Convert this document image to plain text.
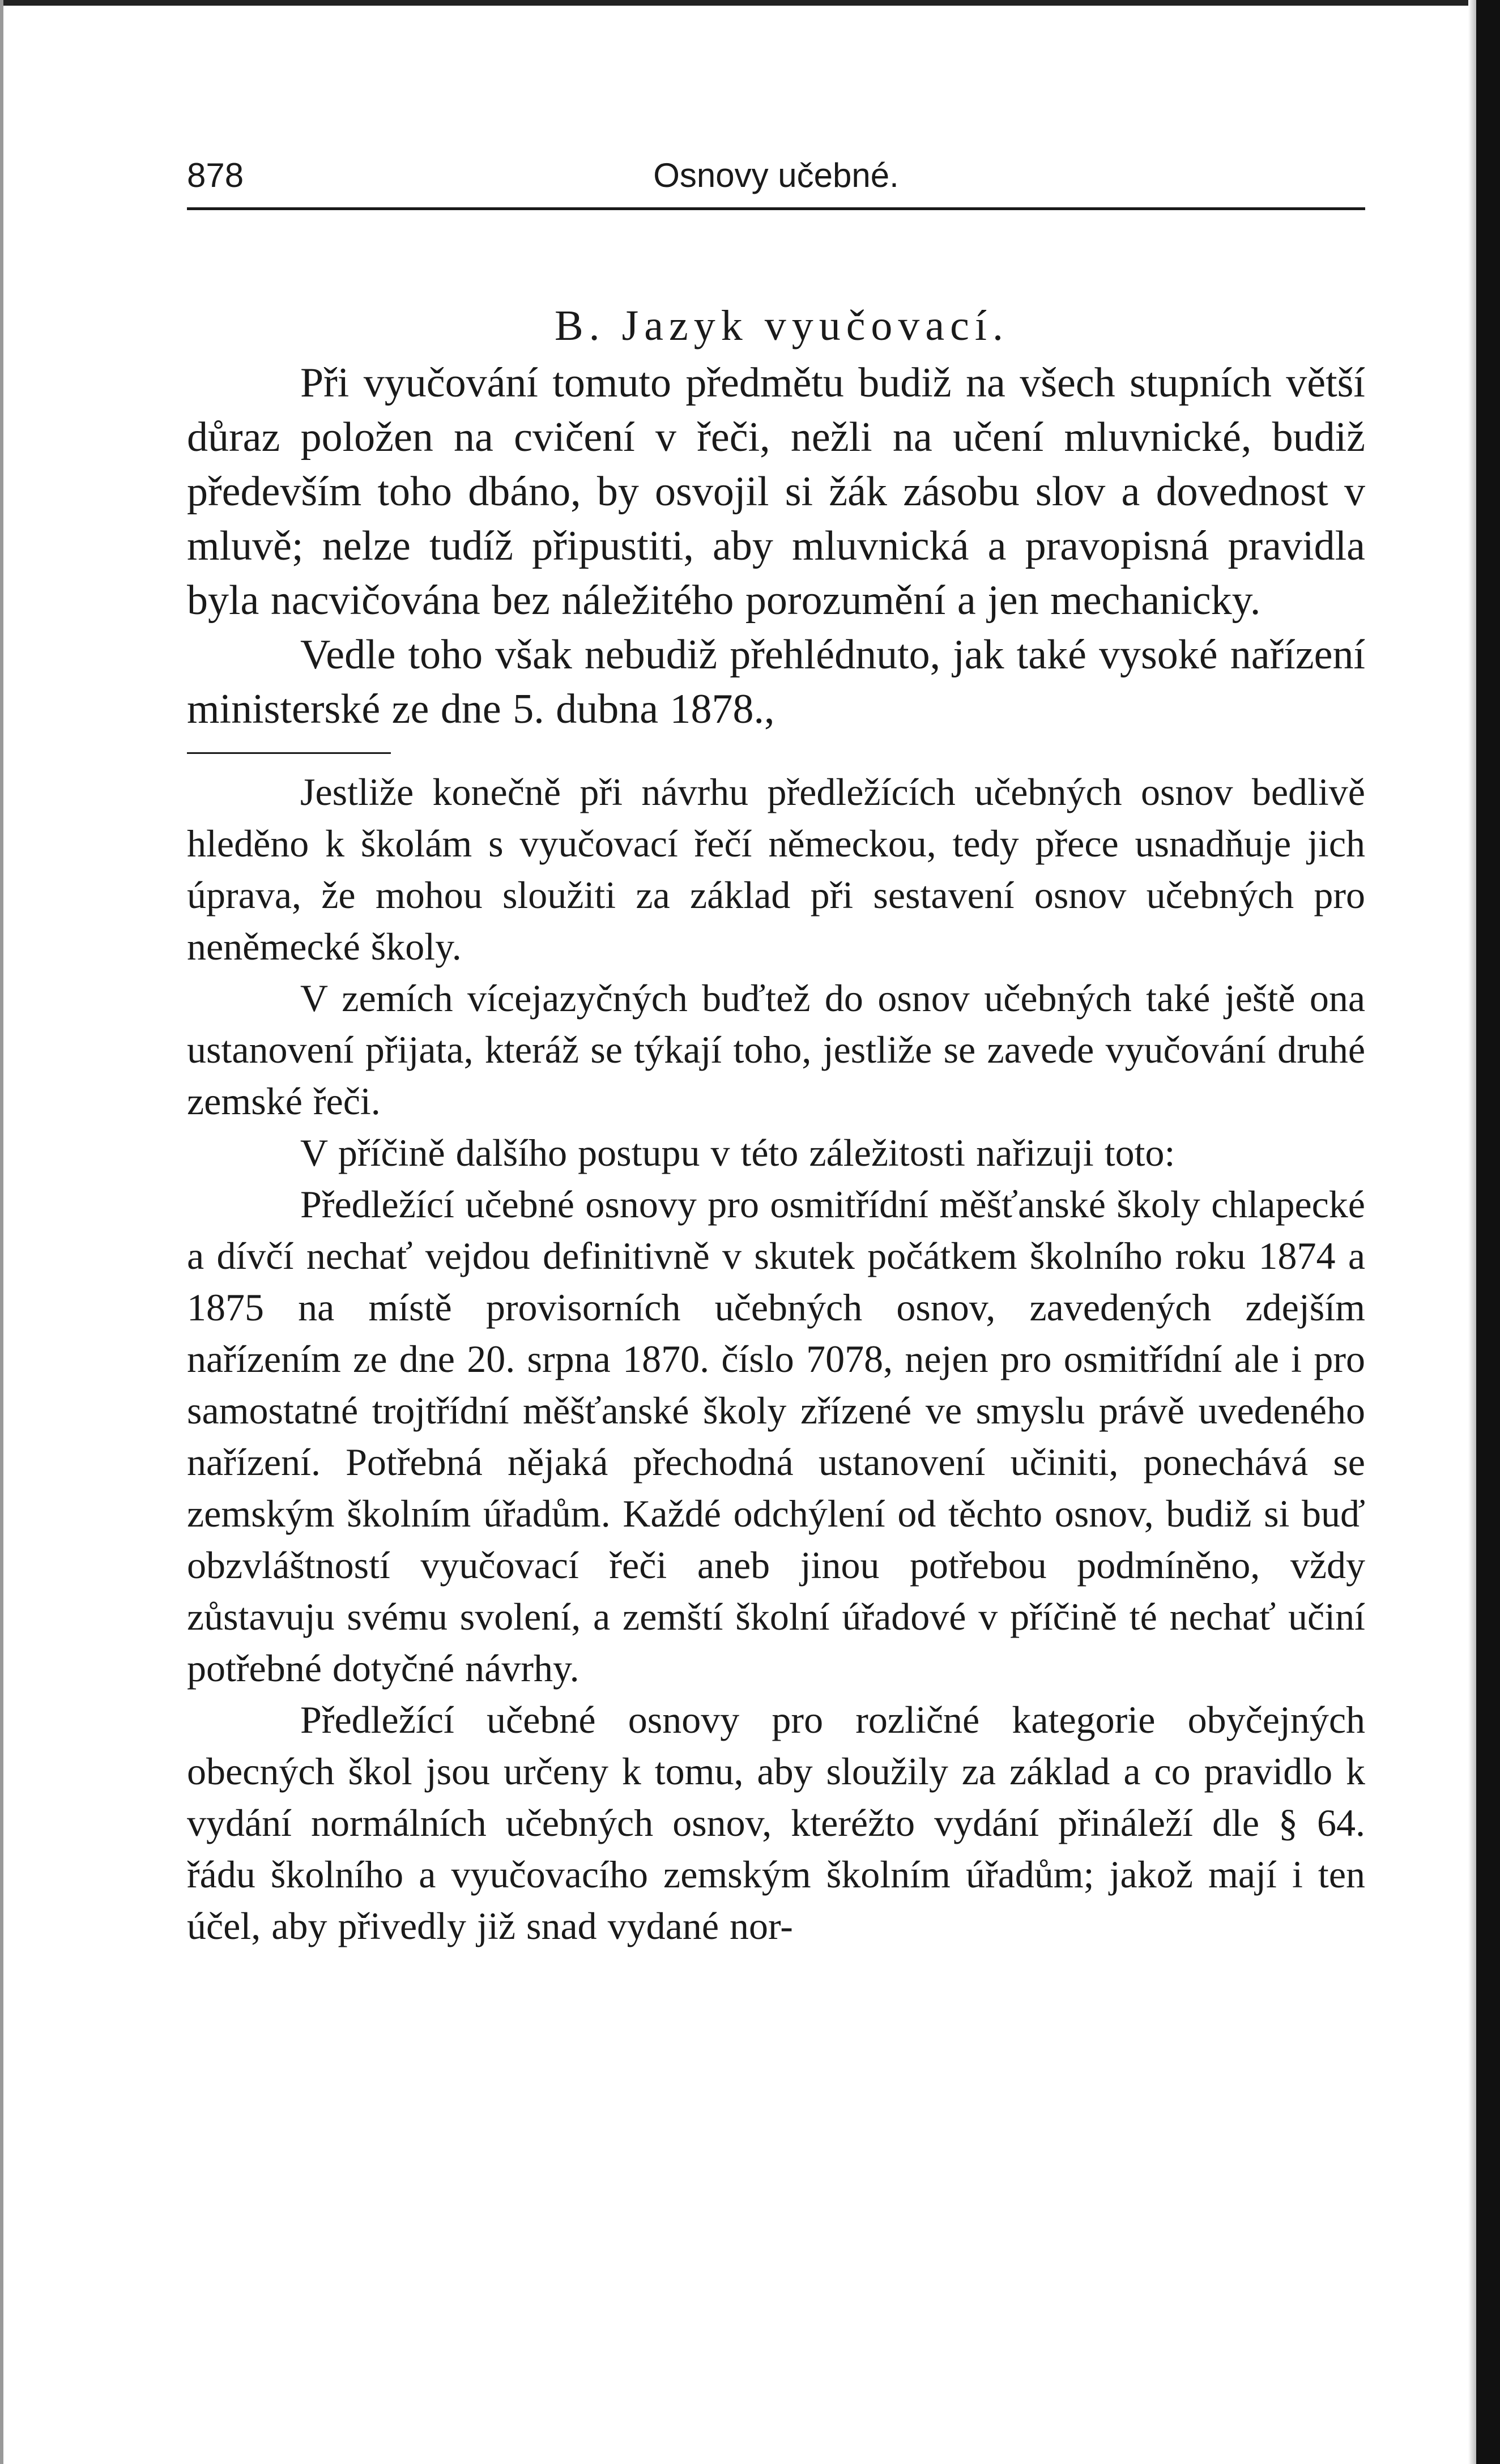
878	Osnovy učebné.
B. Jazyk vyučovací.

Při vyučování tomuto předmětu budiž na všech stupních větší důraz položen na cvičení v řeči, nežli na učení mluvnické, budiž především toho dbáno, by osvojil si žák zásobu slov a dovednost v mluvě; nelze tudíž připustiti, aby mluvnická a pravopisná pravidla byla nacvičována bez náležitého porozumění a jen mechanicky.

Vedle toho však nebudiž přehlédnuto, jak také vysoké nařízení ministerské ze dne 5. dubna 1878.,

Jestliže konečně při návrhu předležících učebných osnov bedlivě hleděno k školám s vyučovací řečí německou, tedy přece usnadňuje jich úprava, že mohou sloužiti za základ při sestavení osnov učebných pro neněmecké školy.

V zemích vícejazyčných buďtež do osnov učebných také ještě ona ustanovení přijata, kteráž se týkají toho, jestliže se zavede vyučování druhé zemské řeči.

V příčině dalšího postupu v této záležitosti nařizuji toto:

Předležící učebné osnovy pro osmitřídní měšťanské školy chlapecké a dívčí nechať vejdou definitivně v skutek počátkem školního roku 1874 a 1875 na místě provisorních učebných osnov, zavedených zdejším nařízením ze dne 20. srpna 1870. číslo 7078, nejen pro osmitřídní ale i pro samostatné trojtřídní měšťanské školy zřízené ve smyslu právě uvedeného nařízení. Potřebná nějaká přechodná ustanovení učiniti, ponechává se zemským školním úřadům. Každé odchýlení od těchto osnov, budiž si buď obzvláštností vyučovací řeči aneb jinou potřebou podmíněno, vždy zůstavuju svému svolení, a zemští školní úřadové v příčině té nechať učiní potřebné dotyčné návrhy.

Předležící učebné osnovy pro rozličné kategorie obyčejných obecných škol jsou určeny k tomu, aby sloužily za základ a co pravidlo k vydání normálních učebných osnov, kteréžto vydání přináleží dle § 64. řádu školního a vyučovacího zemským školním úřadům; jakož mají i ten účel, aby přivedly již snad vydané nor-
